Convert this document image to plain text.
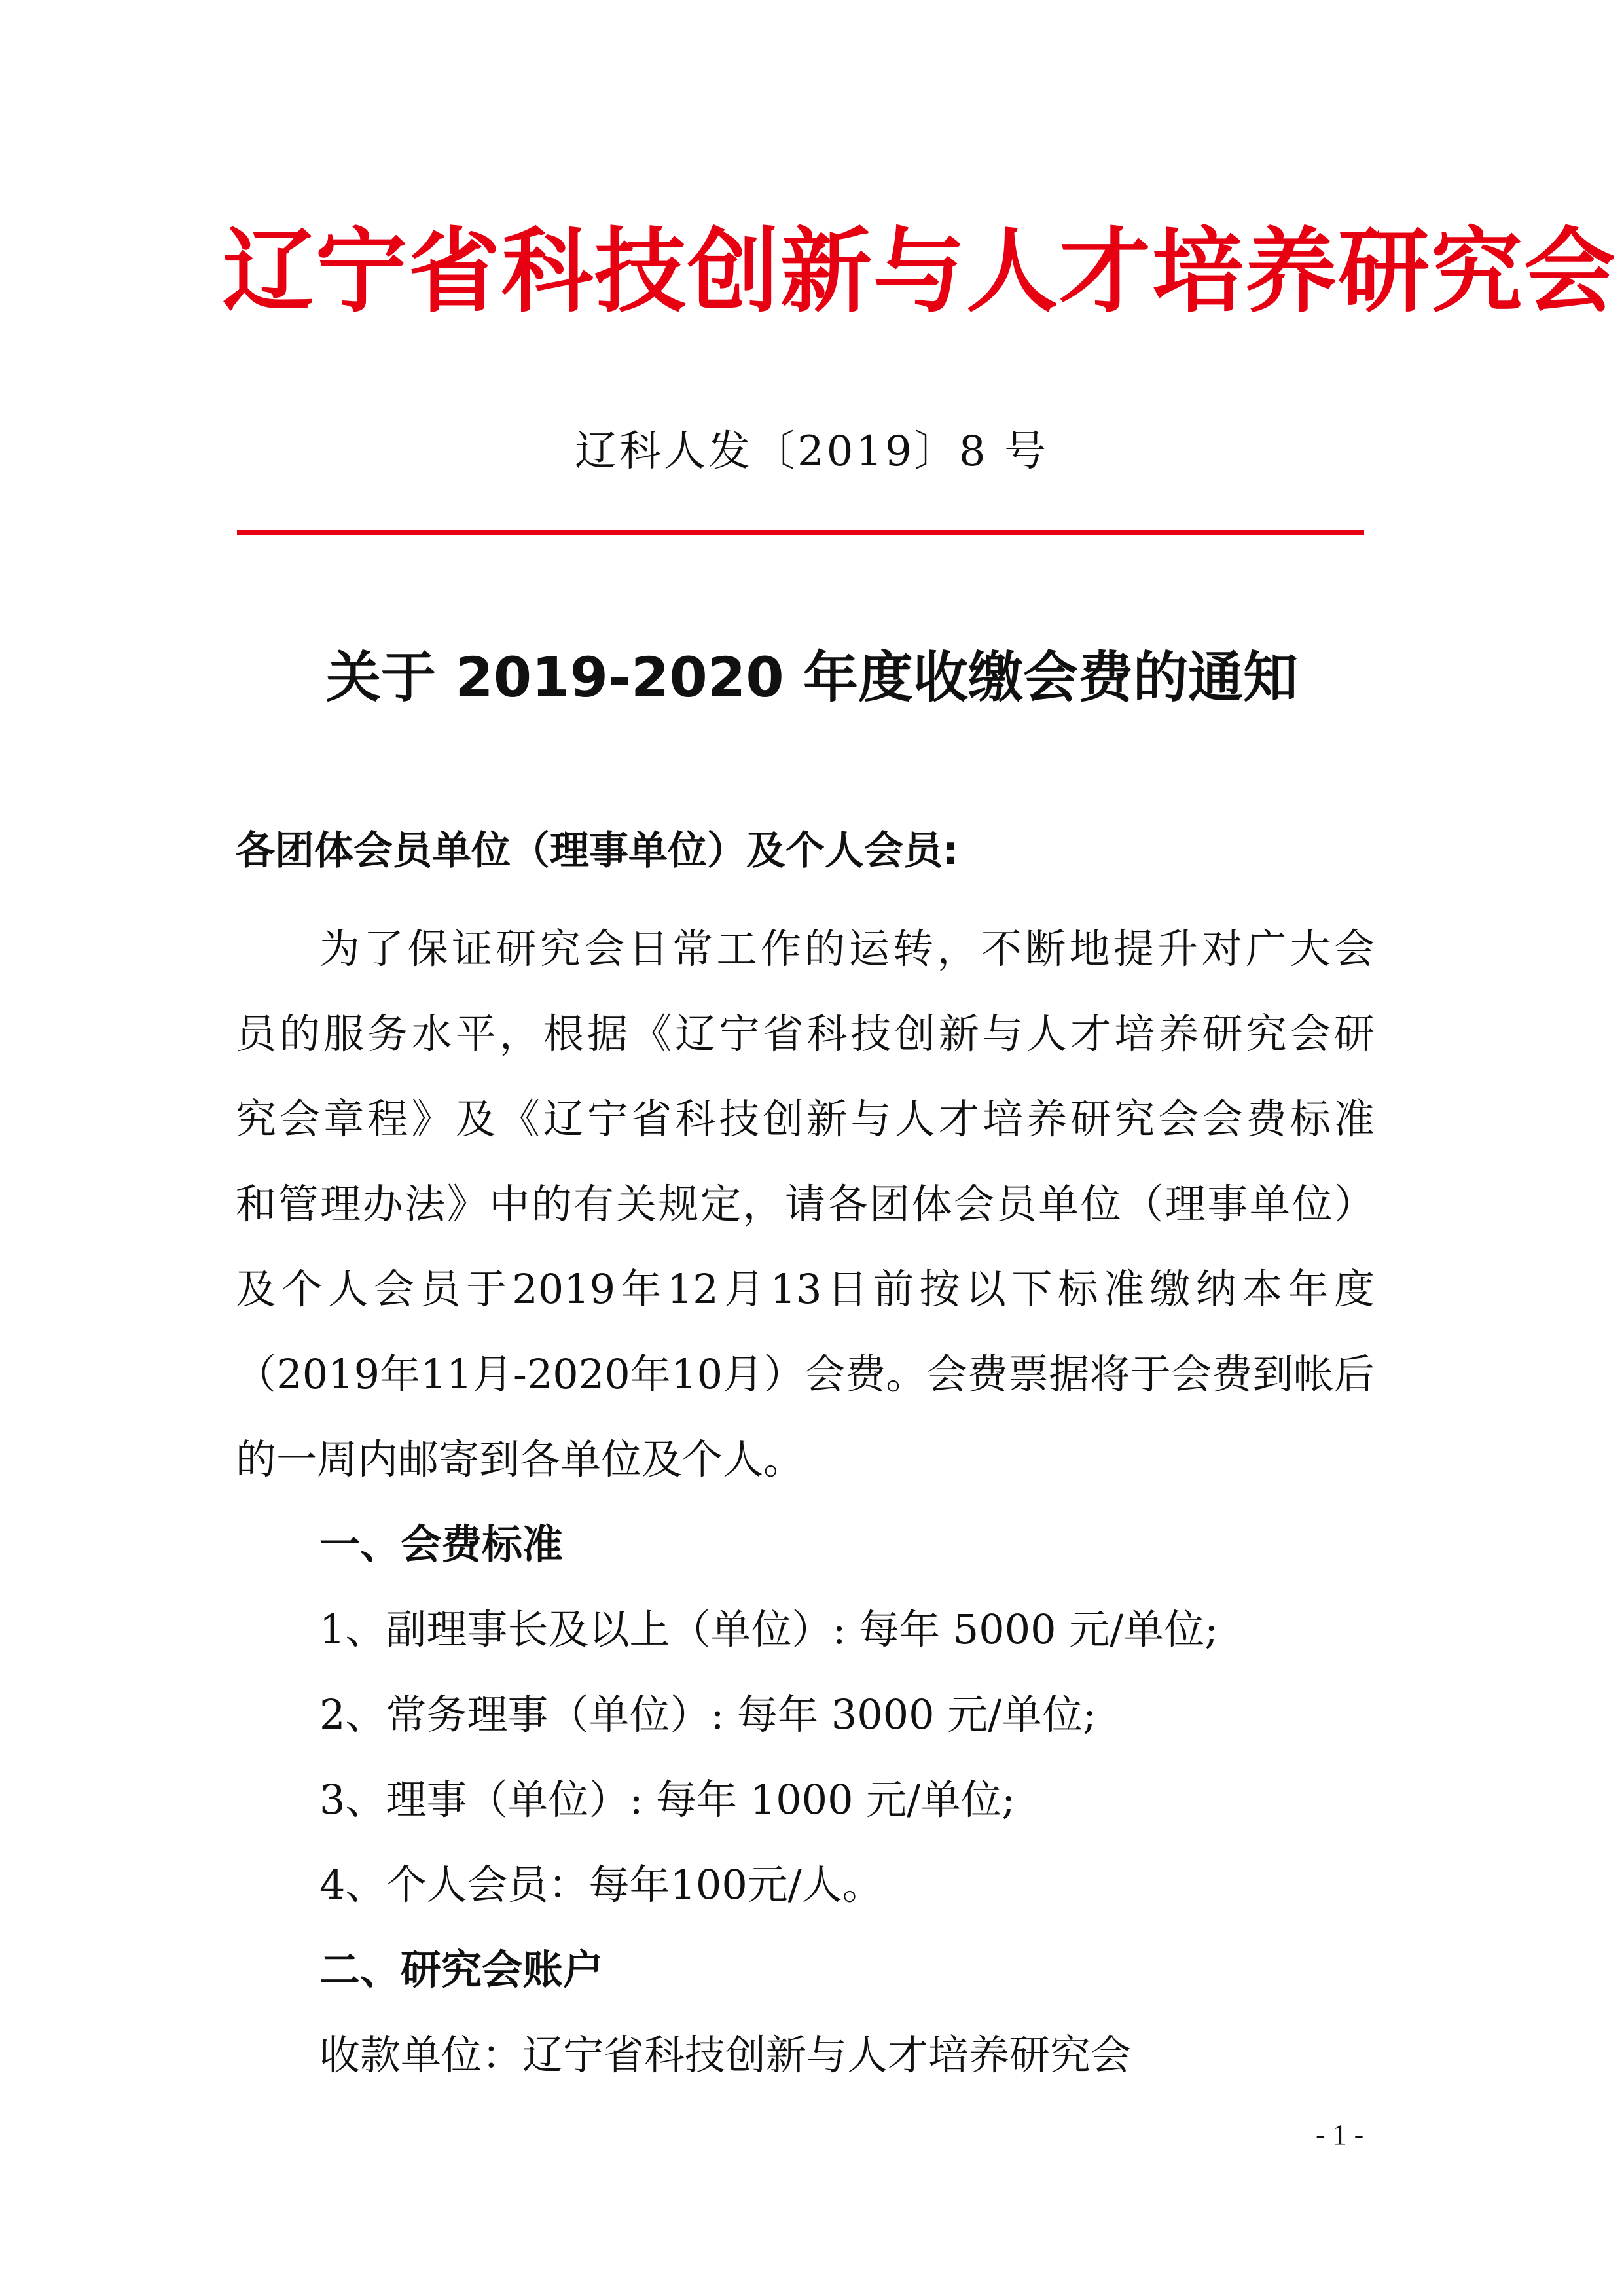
辽宁省科技创新与人才培养研究会
辽科人发〔2019〕8 号
关于 2019-2020 年度收缴会费的通知
各团体会员单位（理事单位）及个人会员:
为了保证研究会日常工作的运转，不断地提升对广大会
员的服务水平，根据《辽宁省科技创新与人才培养研究会研
究会章程》及《辽宁省科技创新与人才培养研究会会费标准
和管理办法》中的有关规定，请各团体会员单位（理事单位）
及个人会员于2019年12月13日前按以下标准缴纳本年度
（2019年11月-2020年10月）会费。会费票据将于会费到帐后
的一周内邮寄到各单位及个人。
一、会费标准
1、副理事长及以上（单位）: 每年 5000 元/单位;
2、常务理事（单位）: 每年 3000 元/单位;
3、理事（单位）: 每年 1000 元/单位;
4、个人会员：每年100元/人。
二、研究会账户
收款单位：辽宁省科技创新与人才培养研究会
- 1 -
